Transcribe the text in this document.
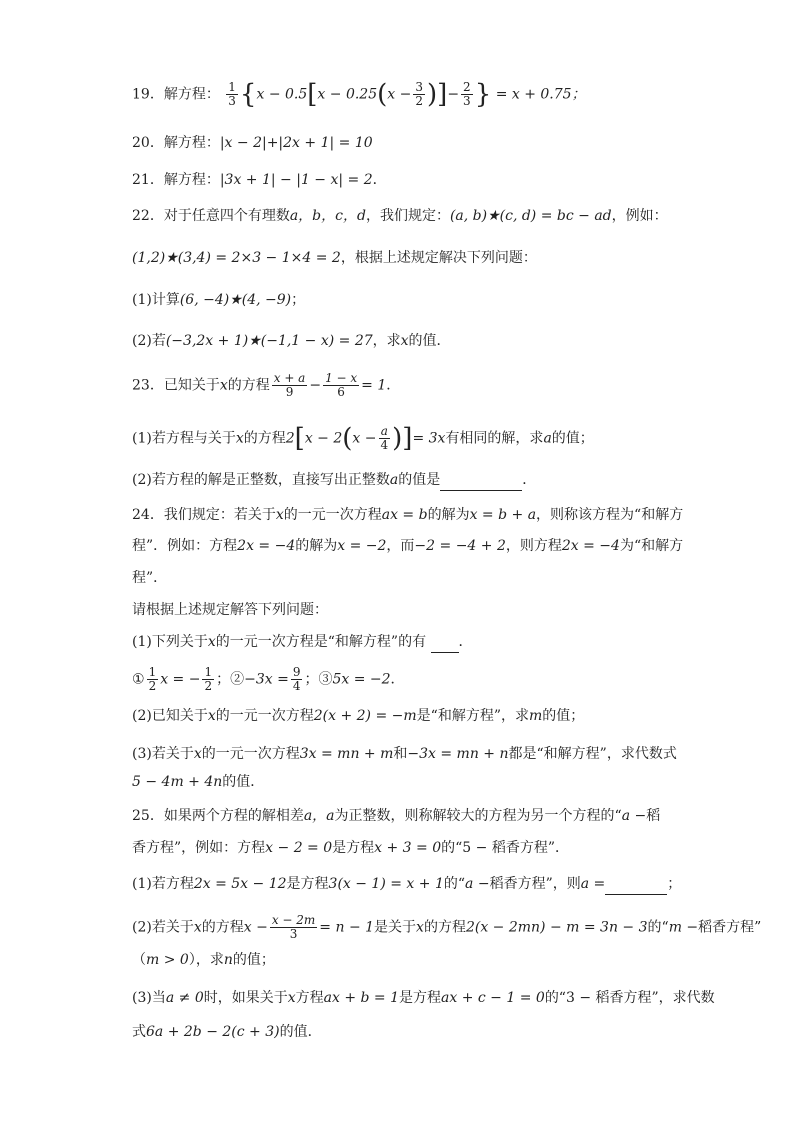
19．解方程： $\frac{1}{3} \{x - 0.5[x - 0.25(x - \frac{3}{2}$ )]− $\frac{2}{3}$ } = x + 0.75；
20．解方程：|x − 2|+|2x + 1| = 10
21．解方程：|3x + 1| − |1 − x| = 2．
22．对于任意四个有理数a，b，c，d，我们规定：(a, b)★(c, d) = bc − ad，例如：
(1,2)★(3,4) = 2×3 − 1×4 = 2，根据上述规定解决下列问题：
(1)计算(6, −4)★(4, −9)；
(2)若(−3,2x + 1)★(−1,1 − x) = 27，求x的值．
23．已知关于x的方程 $\frac{x + a}{9} - \frac{1 - x}{6} = 1$．
(1)若方程与关于x的方程$2[x - 2(x - \frac{a}{4}$ )]= 3x有相同的解，求a的值；
(2)若方程的解是正整数，直接写出正整数a的值是	．
24．我们规定：若关于x的一元一次方程ax = b的解为x = b + a，则称该方程为“和解方
程”．例如：方程2x = −4的解为x = −2，而−2 = −4 + 2，则方程2x = −4为“和解方
程”．
请根据上述规定解答下列问题：
(1)下列关于x的一元一次方程是“和解方程”的有 ．
① $\frac{1}{2}$ x = − $\frac{1}{2}$ ；②−3x = $\frac{9}{4}$ ；③5x = −2．
(2)已知关于x的一元一次方程2(x + 2) = −m是“和解方程”，求m的值；
(3)若关于x的一元一次方程3x = mn + m和−3x = mn + n都是“和解方程”，求代数式
5 − 4m + 4n的值．
25．如果两个方程的解相差a，a为正整数，则称解较大的方程为另一个方程的“a −稻
香方程”，例如：方程x − 2 = 0是方程x + 3 = 0的“5 − 稻香方程”．
(1)若方程2x = 5x − 12是方程3(x − 1) = x + 1的“a −稻香方程”，则a =	；
(2)若关于x的方程$x - \frac{x - 2m}{3} = n - 1$是关于x的方程2(x − 2mn) − m = 3n − 3的“m −稻香方程”
（m > 0），求n的值；
(3)当a ≠ 0时，如果关于x方程ax + b = 1是方程ax + c − 1 = 0的“3 − 稻香方程”，求代数
式6a + 2b − 2(c + 3)的值．
